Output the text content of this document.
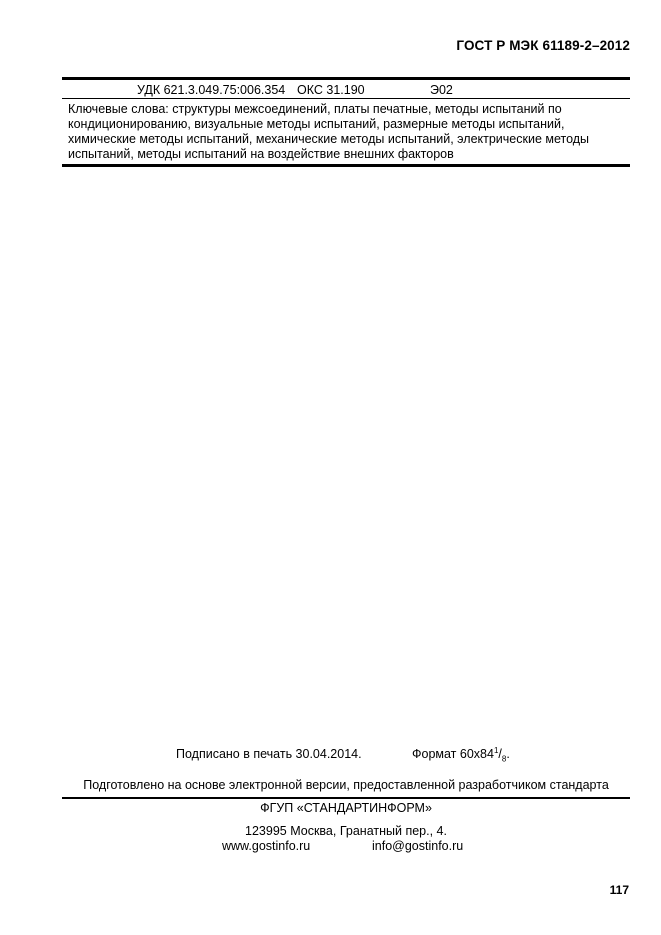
ГОСТ Р МЭК 61189-2–2012
УДК 621.3.049.75:006.354 ОКС 31.190	Э02
Ключевые слова: структуры межсоединений, платы печатные, методы испытаний по кондиционированию, визуальные методы испытаний, размерные методы испытаний, химические методы испытаний, механические методы испытаний, электрические методы испытаний, методы испытаний на воздействие внешних факторов
Подписано в печать 30.04.2014.	Формат $60x84^1/_8$.
Подготовлено на основе электронной версии, предоставленной разработчиком стандарта
ФГУП «СТАНДАРТИНФОРМ»
123995 Москва, Гранатный пер., 4.
www.gostinfo.ru	info@gostinfo.ru
117
